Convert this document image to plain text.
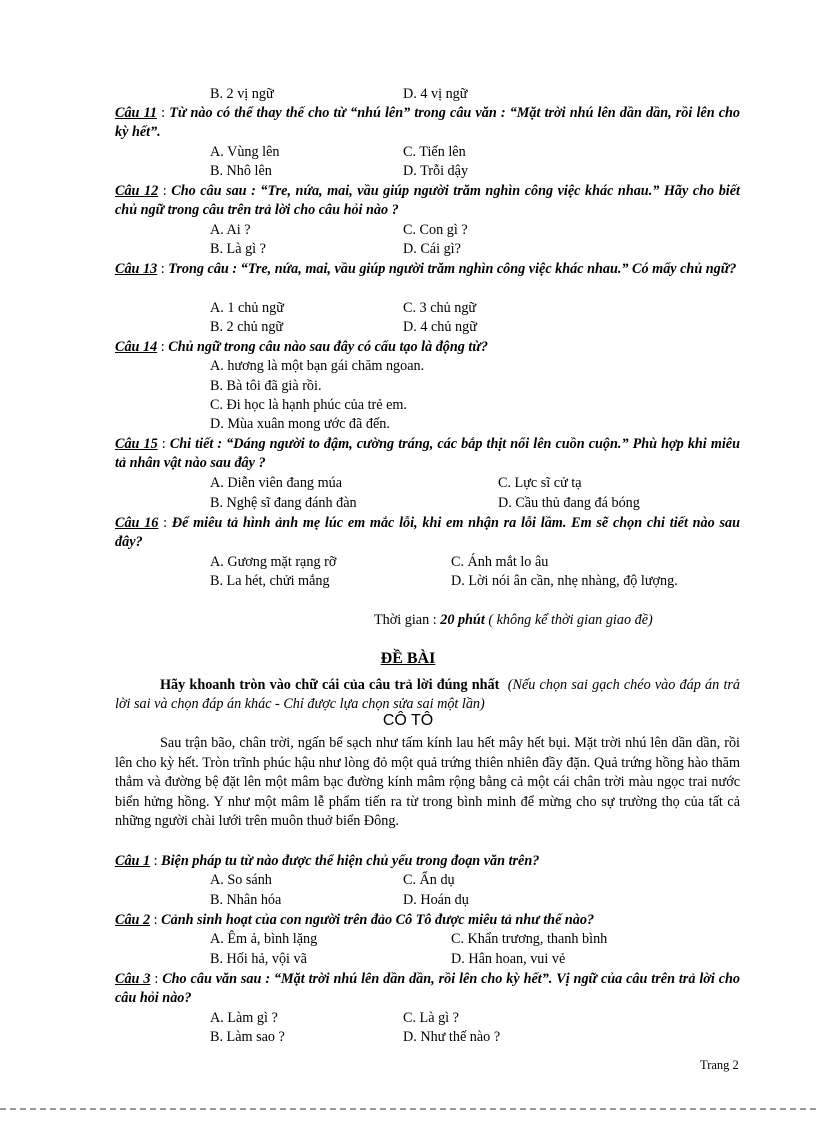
B. 2 vị ngữ	D. 4 vị ngữ
Câu 11 : Từ nào có thể thay thế cho từ “nhú lên” trong câu văn : “Mặt trời nhú lên dần dần, rồi lên cho kỳ hết”.
A. Vùng lên	C. Tiến lên
B. Nhô lên	D. Trỗi dậy
Câu 12 : Cho câu sau : “Tre, nứa, mai, vầu giúp người trăm nghìn công việc khác nhau.” Hãy cho biết chủ ngữ trong câu trên trả lời cho câu hỏi nào ?
A. Ai ?	C. Con gì ?
B. Là gì ?	D. Cái gì?
Câu 13 : Trong câu : “Tre, nứa, mai, vầu giúp người trăm nghìn công việc khác nhau.” Có mấy chủ ngữ?
A. 1 chủ ngữ	C. 3 chủ ngữ
B. 2 chủ ngữ	D. 4 chủ ngữ
Câu 14 : Chủ ngữ trong câu nào sau đây có cấu tạo là động từ?
A. hương là một bạn gái chăm ngoan.
B. Bà tôi đã già rồi.
C. Đi học là hạnh phúc của trẻ em.
D. Mùa xuân mong ước đã đến.
Câu 15 : Chi tiết : “Dáng người to đậm, cường tráng, các bắp thịt nổi lên cuồn cuộn.” Phù hợp khi miêu tả nhân vật nào sau đây ?
A. Diễn viên đang múa	C. Lực sĩ cử tạ
B. Nghệ sĩ đang đánh đàn	D. Cầu thủ đang đá bóng
Câu 16 : Để miêu tả hình ảnh mẹ lúc em mắc lỗi, khi em nhận ra lỗi lầm. Em sẽ chọn chi tiết nào sau đây?
A. Gương mặt rạng rỡ	C. Ánh mắt lo âu
B. La hét, chửi mắng	D. Lời nói ân cần, nhẹ nhàng, độ lượng.
Thời gian : 20 phút ( không kể thời gian giao đề)
ĐỀ BÀI
Hãy khoanh tròn vào chữ cái của câu trả lời đúng nhất (Nếu chọn sai gạch chéo vào đáp án trả lời sai và chọn đáp án khác - Chỉ được lựa chọn sửa sai một lần)
CÔ TÔ
Sau trận bão, chân trời, ngấn bể sạch như tấm kính lau hết mây hết bụi. Mặt trời nhú lên dần dần, rồi lên cho kỳ hết. Tròn trĩnh phúc hậu như lòng đỏ một quả trứng thiên nhiên đầy đặn. Quả trứng hồng hào thăm thẳm và đường bệ đặt lên một mâm bạc đường kính mâm rộng bằng cả một cái chân trời màu ngọc trai nước biển hửng hồng. Y như một mâm lễ phẩm tiến ra từ trong bình minh để mừng cho sự trường thọ của tất cả những người chài lưới trên muôn thuở biển Đông.
Câu 1 : Biện pháp tu từ nào được thể hiện chủ yếu trong đoạn văn trên?
A. So sánh	C. Ẩn dụ
B. Nhân hóa	D. Hoán dụ
Câu 2 : Cảnh sinh hoạt của con người trên đảo Cô Tô được miêu tả như thế nào?
A. Êm ả, bình lặng	C. Khẩn trương, thanh bình
B. Hối hả, vội vã	D. Hân hoan, vui vẻ
Câu 3 : Cho câu văn sau : “Mặt trời nhú lên dần dần, rồi lên cho kỳ hết”. Vị ngữ của câu trên trả lời cho câu hỏi nào?
A. Làm gì ?	C. Là gì ?
B. Làm sao ?	D. Như thế nào ?
Trang 2
